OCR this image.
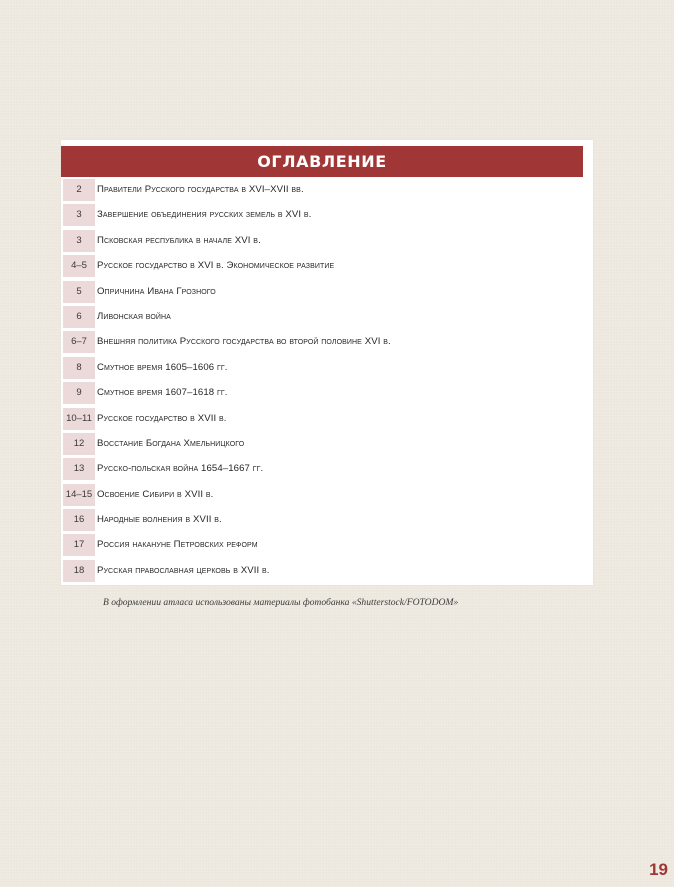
ОГЛАВЛЕНИЕ
2	Правители Русского государства в XVI–XVII вв.
3	Завершение объединения русских земель в XVI в.
3	Псковская республика в начале XVI в.
4–5	Русское государство в XVI в. Экономическое развитие
5	Опричнина Ивана Грозного
6	Ливонская война
6–7	Внешняя политика Русского государства во второй половине XVI в.
8	Смутное время 1605–1606 гг.
9	Смутное время 1607–1618 гг.
10–11 Русское государство в XVII в.
12	Восстание Богдана Хмельницкого
13	Русско-польская война 1654–1667 гг.
14–15 Освоение Сибири в XVII в.
16	Народные волнения в XVII в.
17	Россия накануне Петровских реформ
18	Русская православная церковь в XVII в.
В оформлении атласа использованы материалы фотобанка «Shutterstock/FOTODOM»
19
